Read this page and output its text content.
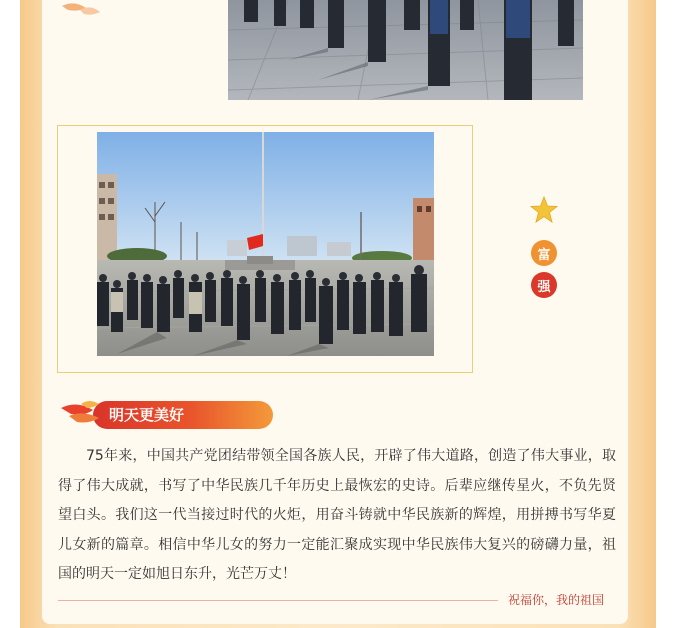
富
强
明天更美好
75年来，中国共产党团结带领全国各族人民，开辟了伟大道路，创造了伟大事业，取得了伟大成就，书写了中华民族几千年历史上最恢宏的史诗。后辈应继传星火，不负先贤望白头。我们这一代当接过时代的火炬，用奋斗铸就中华民族新的辉煌，用拼搏书写华夏儿女新的篇章。相信中华儿女的努力一定能汇聚成实现中华民族伟大复兴的磅礴力量，祖国的明天一定如旭日东升，光芒万丈！
祝福你，我的祖国
